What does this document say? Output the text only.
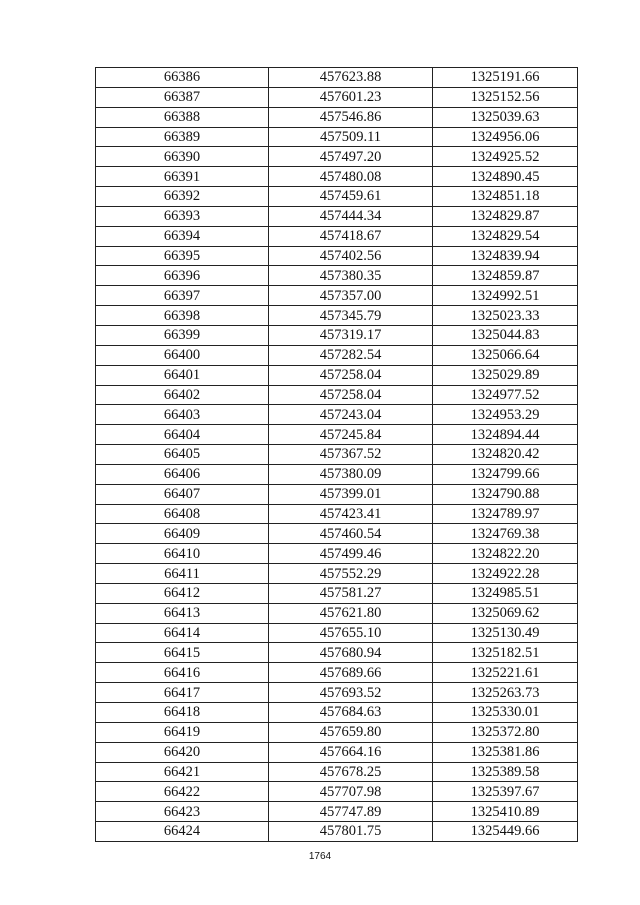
66386	457623.88	1325191.66
66387	457601.23	1325152.56
66388	457546.86	1325039.63
66389	457509.11	1324956.06
66390	457497.20	1324925.52
66391	457480.08	1324890.45
66392	457459.61	1324851.18
66393	457444.34	1324829.87
66394	457418.67	1324829.54
66395	457402.56	1324839.94
66396	457380.35	1324859.87
66397	457357.00	1324992.51
66398	457345.79	1325023.33
66399	457319.17	1325044.83
66400	457282.54	1325066.64
66401	457258.04	1325029.89
66402	457258.04	1324977.52
66403	457243.04	1324953.29
66404	457245.84	1324894.44
66405	457367.52	1324820.42
66406	457380.09	1324799.66
66407	457399.01	1324790.88
66408	457423.41	1324789.97
66409	457460.54	1324769.38
66410	457499.46	1324822.20
66411	457552.29	1324922.28
66412	457581.27	1324985.51
66413	457621.80	1325069.62
66414	457655.10	1325130.49
66415	457680.94	1325182.51
66416	457689.66	1325221.61
66417	457693.52	1325263.73
66418	457684.63	1325330.01
66419	457659.80	1325372.80
66420	457664.16	1325381.86
66421	457678.25	1325389.58
66422	457707.98	1325397.67
66423	457747.89	1325410.89
66424	457801.75	1325449.66
1764
